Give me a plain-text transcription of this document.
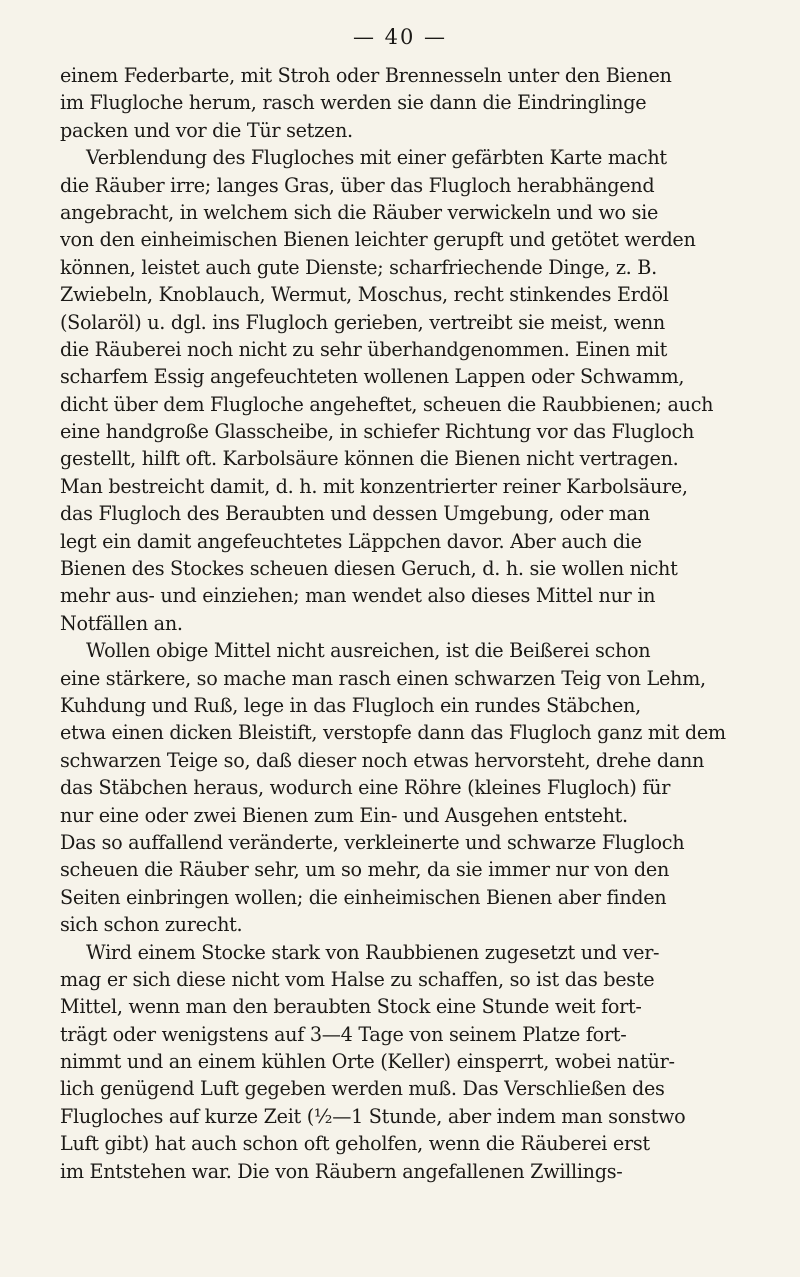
— 40 —
einem Federbarte, mit Stroh oder Brennesseln unter den Bienen
im Flugloche herum, rasch werden sie dann die Eindringlinge
packen und vor die Tür setzen.
Verblendung des Flugloches mit einer gefärbten Karte macht
die Räuber irre; langes Gras, über das Flugloch herabhängend
angebracht, in welchem sich die Räuber verwickeln und wo sie
von den einheimischen Bienen leichter gerupft und getötet werden
können, leistet auch gute Dienste; scharfriechende Dinge, z. B.
Zwiebeln, Knoblauch, Wermut, Moschus, recht stinkendes Erdöl
(Solaröl) u. dgl. ins Flugloch gerieben, vertreibt sie meist, wenn
die Räuberei noch nicht zu sehr überhandgenommen. Einen mit
scharfem Essig angefeuchteten wollenen Lappen oder Schwamm,
dicht über dem Flugloche angeheftet, scheuen die Raubbienen; auch
eine handgroße Glasscheibe, in schiefer Richtung vor das Flugloch
gestellt, hilft oft. Karbolsäure können die Bienen nicht vertragen.
Man bestreicht damit, d. h. mit konzentrierter reiner Karbolsäure,
das Flugloch des Beraubten und dessen Umgebung, oder man
legt ein damit angefeuchtetes Läppchen davor. Aber auch die
Bienen des Stockes scheuen diesen Geruch, d. h. sie wollen nicht
mehr aus- und einziehen; man wendet also dieses Mittel nur in
Notfällen an.
Wollen obige Mittel nicht ausreichen, ist die Beißerei schon
eine stärkere, so mache man rasch einen schwarzen Teig von Lehm,
Kuhdung und Ruß, lege in das Flugloch ein rundes Stäbchen,
etwa einen dicken Bleistift, verstopfe dann das Flugloch ganz mit dem
schwarzen Teige so, daß dieser noch etwas hervorsteht, drehe dann
das Stäbchen heraus, wodurch eine Röhre (kleines Flugloch) für
nur eine oder zwei Bienen zum Ein- und Ausgehen entsteht.
Das so auffallend veränderte, verkleinerte und schwarze Flugloch
scheuen die Räuber sehr, um so mehr, da sie immer nur von den
Seiten einbringen wollen; die einheimischen Bienen aber finden
sich schon zurecht.
Wird einem Stocke stark von Raubbienen zugesetzt und ver-
mag er sich diese nicht vom Halse zu schaffen, so ist das beste
Mittel, wenn man den beraubten Stock eine Stunde weit fort-
trägt oder wenigstens auf 3—4 Tage von seinem Platze fort-
nimmt und an einem kühlen Orte (Keller) einsperrt, wobei natür-
lich genügend Luft gegeben werden muß. Das Verschließen des
Flugloches auf kurze Zeit (½—1 Stunde, aber indem man sonstwo
Luft gibt) hat auch schon oft geholfen, wenn die Räuberei erst
im Entstehen war. Die von Räubern angefallenen Zwillings-
